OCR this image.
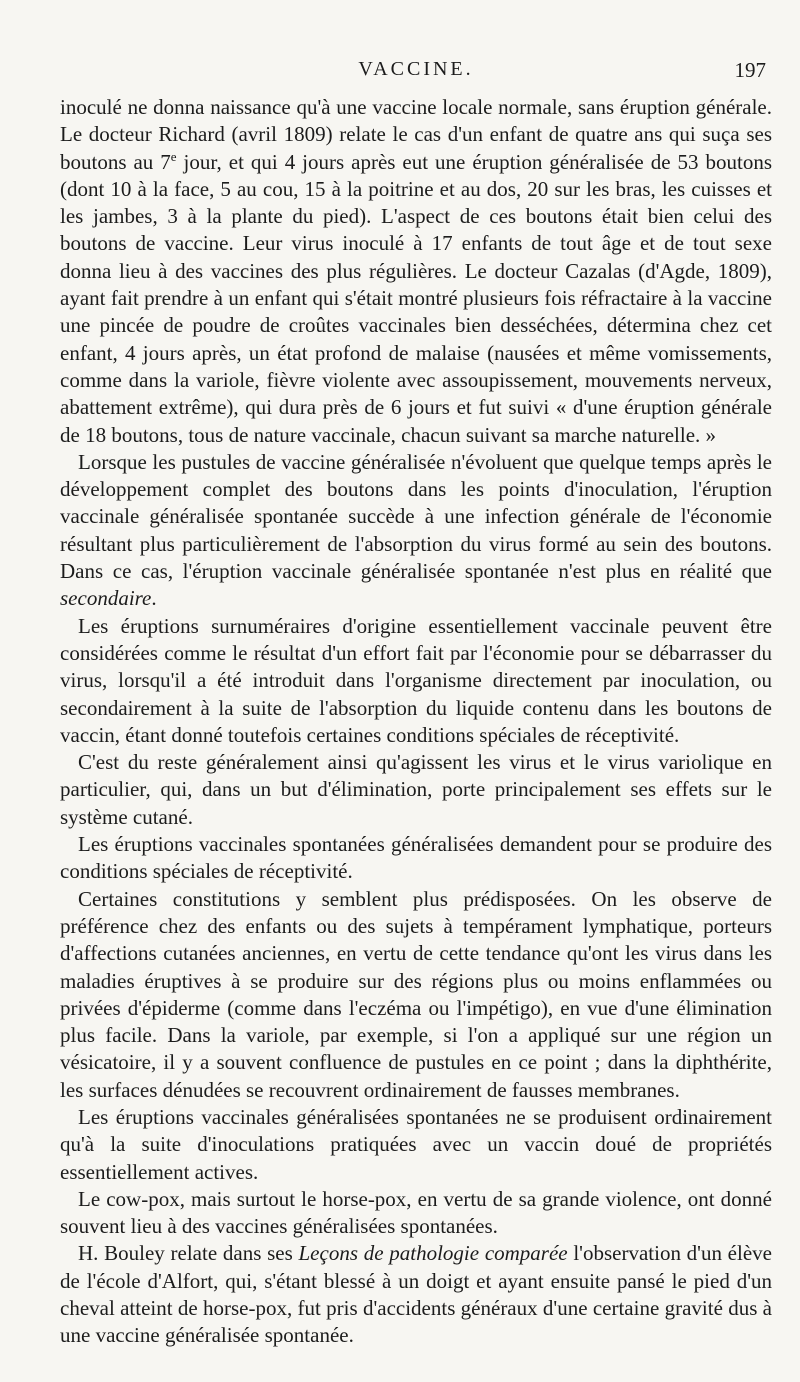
VACCINE.	197

inoculé ne donna naissance qu'à une vaccine locale normale, sans éruption générale. Le docteur Richard (avril 1809) relate le cas d'un enfant de quatre ans qui suça ses boutons au 7e jour, et qui 4 jours après eut une éruption généralisée de 53 boutons (dont 10 à la face, 5 au cou, 15 à la poitrine et au dos, 20 sur les bras, les cuisses et les jambes, 3 à la plante du pied). L'aspect de ces boutons était bien celui des boutons de vaccine. Leur virus inoculé à 17 enfants de tout âge et de tout sexe donna lieu à des vaccines des plus régulières. Le docteur Cazalas (d'Agde, 1809), ayant fait prendre à un enfant qui s'était montré plusieurs fois réfractaire à la vaccine une pincée de poudre de croûtes vaccinales bien desséchées, détermina chez cet enfant, 4 jours après, un état profond de malaise (nausées et même vomissements, comme dans la variole, fièvre violente avec assoupissement, mouvements nerveux, abattement extrême), qui dura près de 6 jours et fut suivi « d'une éruption générale de 18 boutons, tous de nature vaccinale, chacun suivant sa marche naturelle. »

Lorsque les pustules de vaccine généralisée n'évoluent que quelque temps après le développement complet des boutons dans les points d'inoculation, l'éruption vaccinale généralisée spontanée succède à une infection générale de l'économie résultant plus particulièrement de l'absorption du virus formé au sein des boutons. Dans ce cas, l'éruption vaccinale généralisée spontanée n'est plus en réalité que secondaire.

Les éruptions surnuméraires d'origine essentiellement vaccinale peuvent être considérées comme le résultat d'un effort fait par l'économie pour se débarrasser du virus, lorsqu'il a été introduit dans l'organisme directement par inoculation, ou secondairement à la suite de l'absorption du liquide contenu dans les boutons de vaccin, étant donné toutefois certaines conditions spéciales de réceptivité.

C'est du reste généralement ainsi qu'agissent les virus et le virus variolique en particulier, qui, dans un but d'élimination, porte principalement ses effets sur le système cutané.

Les éruptions vaccinales spontanées généralisées demandent pour se produire des conditions spéciales de réceptivité.

Certaines constitutions y semblent plus prédisposées. On les observe de préférence chez des enfants ou des sujets à tempérament lymphatique, porteurs d'affections cutanées anciennes, en vertu de cette tendance qu'ont les virus dans les maladies éruptives à se produire sur des régions plus ou moins enflammées ou privées d'épiderme (comme dans l'eczéma ou l'impétigo), en vue d'une élimination plus facile. Dans la variole, par exemple, si l'on a appliqué sur une région un vésicatoire, il y a souvent confluence de pustules en ce point ; dans la diphthérite, les surfaces dénudées se recouvrent ordinairement de fausses membranes.

Les éruptions vaccinales généralisées spontanées ne se produisent ordinairement qu'à la suite d'inoculations pratiquées avec un vaccin doué de propriétés essentiellement actives.

Le cow-pox, mais surtout le horse-pox, en vertu de sa grande violence, ont donné souvent lieu à des vaccines généralisées spontanées.

H. Bouley relate dans ses Leçons de pathologie comparée l'observation d'un élève de l'école d'Alfort, qui, s'étant blessé à un doigt et ayant ensuite pansé le pied d'un cheval atteint de horse-pox, fut pris d'accidents généraux d'une certaine gravité dus à une vaccine généralisée spontanée.
